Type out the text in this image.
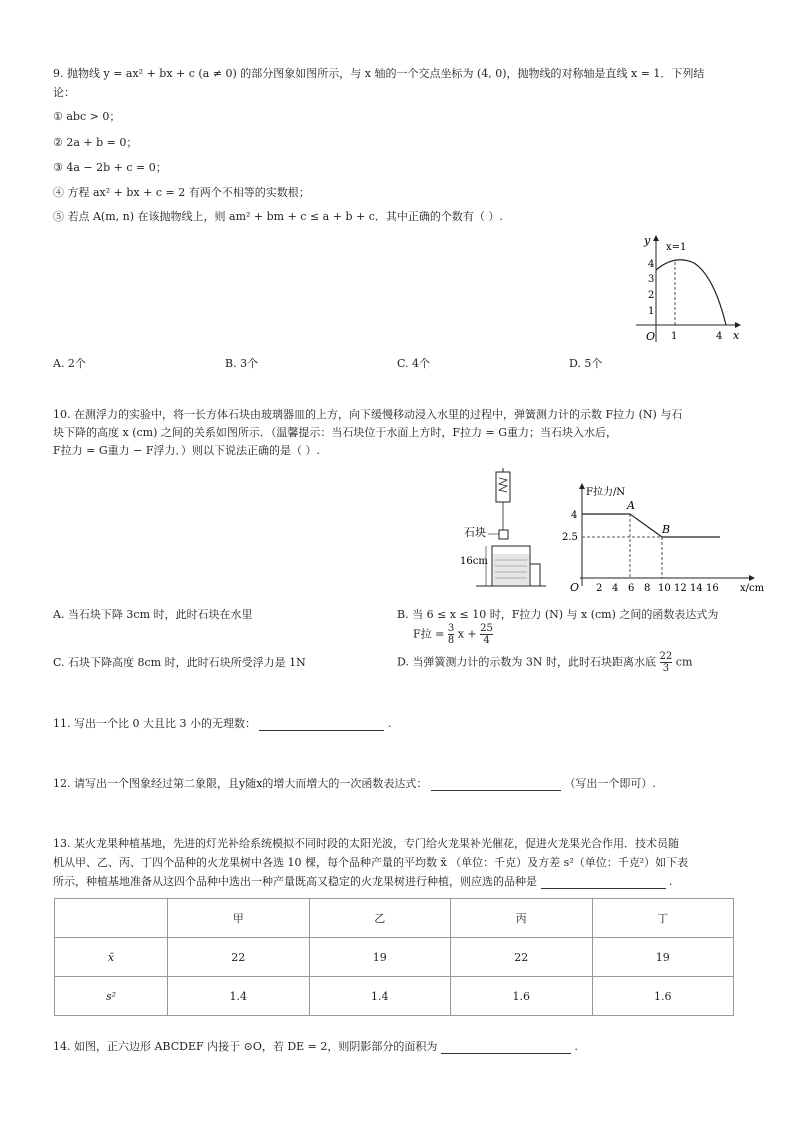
9. 抛物线 y = ax² + bx + c (a ≠ 0) 的部分图象如图所示，与 x 轴的一个交点坐标为 (4, 0)，抛物线的对称轴是直线 x = 1．下列结
论：
① abc > 0；
② 2a + b = 0；
③ 4a − 2b + c = 0；
④ 方程 ax² + bx + c = 2 有两个不相等的实数根；
⑤ 若点 A(m, n) 在该抛物线上，则 am² + bm + c ≤ a + b + c．其中正确的个数有（ ）.
y
x
O
4
3
2
1
1	4
x=1
A. 2个	B. 3个	C. 4个	D. 5个
10. 在测浮力的实验中，将一长方体石块由玻璃器皿的上方，向下缓慢移动浸入水里的过程中，弹簧测力计的示数 F拉力 (N) 与石
块下降的高度 x (cm) 之间的关系如图所示．（温馨提示：当石块位于水面上方时，F拉力 = G重力；当石块入水后，
F拉力 = G重力 − F浮力．）则以下说法正确的是（ ）.
石块
16cm
F拉力/N
O	x/cm
4
2.5
2 4 6 8 10 12 14 16
A
B
A. 当石块下降 3cm 时，此时石块在水里	B. 当 6 ≤ x ≤ 10 时，F拉力 (N) 与 x (cm) 之间的函数表达式为
F拉 = $\frac{3}{8}$ $x + \frac{25}{4}$
C. 石块下降高度 8cm 时，此时石块所受浮力是 1N	D. 当弹簧测力计的示数为 3N 时，此时石块距离水底 $\frac{22}{3}$ cm
11. 写出一个比 0 大且比 3 小的无理数：	.
12. 请写出一个图象经过第二象限，且y随x的增大而增大的一次函数表达式：	（写出一个即可）.
13. 某火龙果种植基地，先进的灯光补给系统模拟不同时段的太阳光波，专门给火龙果补光催花，促进火龙果光合作用．技术员随
机从甲、乙、丙、丁四个品种的火龙果树中各选 10 棵，每个品种产量的平均数 x̄ （单位：千克）及方差 s²（单位：千克²）如下表
所示，种植基地准备从这四个品种中选出一种产量既高又稳定的火龙果树进行种植，则应选的品种是	.
	甲	乙	丙	丁
x̄	22	19	22	19
s²	1.4	1.4	1.6	1.6
14. 如图，正六边形 ABCDEF 内接于 ⊙O，若 DE = 2，则阴影部分的面积为	.
